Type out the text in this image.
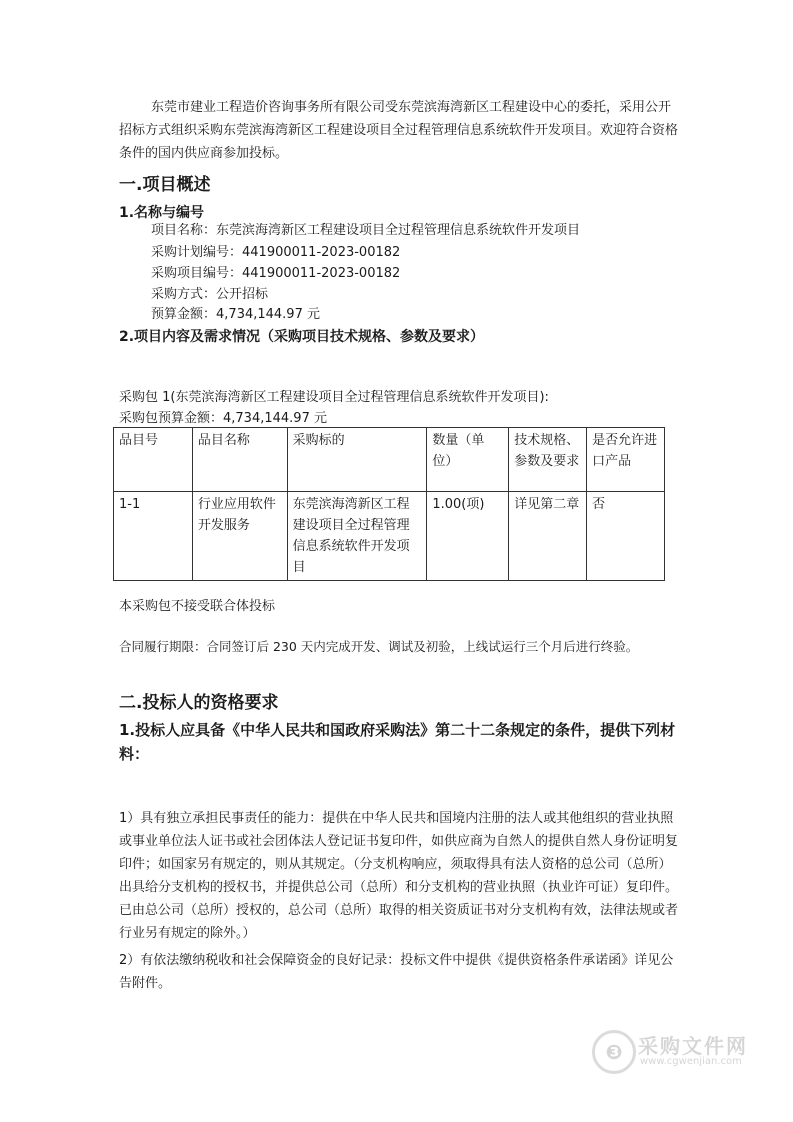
东莞市建业工程造价咨询事务所有限公司受东莞滨海湾新区工程建设中心的委托，采用公开招标方式组织采购东莞滨海湾新区工程建设项目全过程管理信息系统软件开发项目。欢迎符合资格条件的国内供应商参加投标。
一.项目概述
1.名称与编号
项目名称：东莞滨海湾新区工程建设项目全过程管理信息系统软件开发项目
采购计划编号：441900011-2023-00182
采购项目编号：441900011-2023-00182
采购方式：公开招标
预算金额：4,734,144.97 元
2.项目内容及需求情况（采购项目技术规格、参数及要求）
采购包 1(东莞滨海湾新区工程建设项目全过程管理信息系统软件开发项目):
采购包预算金额：4,734,144.97 元
品目号	品目名称	采购标的	数量（单位）	技术规格、参数及要求	是否允许进口产品
1-1	行业应用软件开发服务	东莞滨海湾新区工程建设项目全过程管理信息系统软件开发项目	1.00(项)	详见第二章	否
本采购包不接受联合体投标
合同履行期限：合同签订后 230 天内完成开发、调试及初验，上线试运行三个月后进行终验。
二.投标人的资格要求
1.投标人应具备《中华人民共和国政府采购法》第二十二条规定的条件，提供下列材料：
1）具有独立承担民事责任的能力：提供在中华人民共和国境内注册的法人或其他组织的营业执照或事业单位法人证书或社会团体法人登记证书复印件，如供应商为自然人的提供自然人身份证明复印件；如国家另有规定的，则从其规定。（分支机构响应，须取得具有法人资格的总公司（总所）出具给分支机构的授权书，并提供总公司（总所）和分支机构的营业执照（执业许可证）复印件。已由总公司（总所）授权的，总公司（总所）取得的相关资质证书对分支机构有效，法律法规或者行业另有规定的除外。）
2）有依法缴纳税收和社会保障资金的良好记录：投标文件中提供《提供资格条件承诺函》详见公告附件。
❸ 采购文件网
www.cgwenjian.com
